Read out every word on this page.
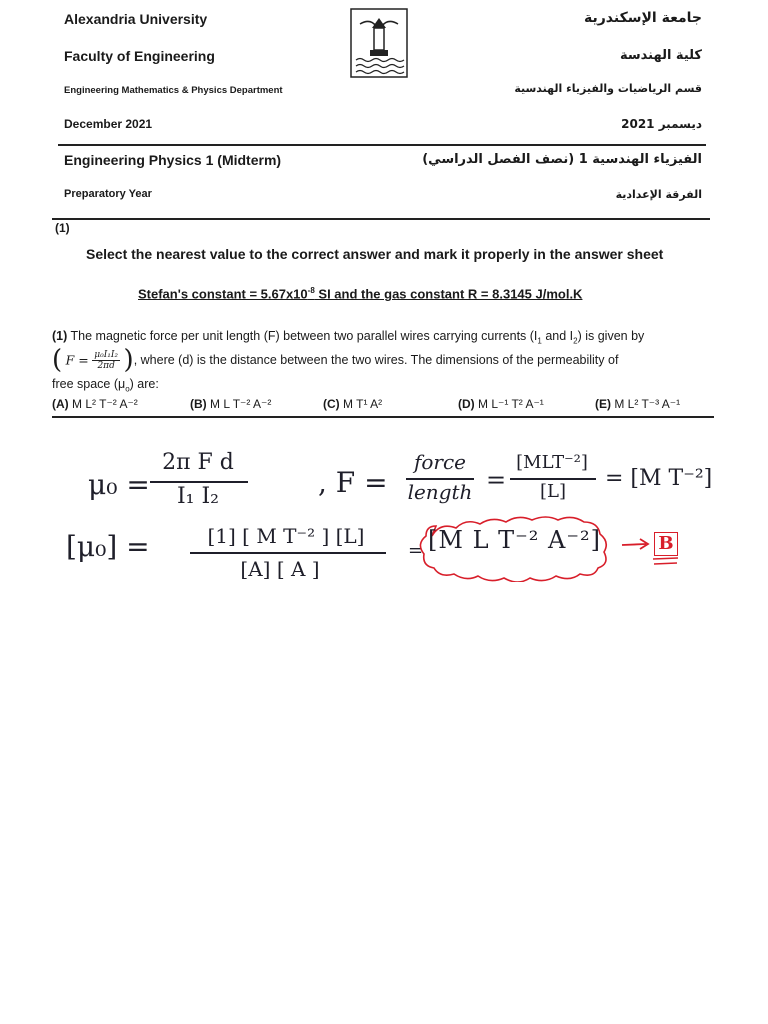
Alexandria University
Faculty of Engineering
Engineering Mathematics & Physics Department
December 2021
جامعة الإسكندرية
كلية الهندسة
قسم الرياضيات والفيزياء الهندسية
ديسمبر 2021
Engineering Physics 1 (Midterm)	الفيزياء الهندسية 1 (نصف الفصل الدراسي)
Preparatory Year	الفرقة الإعدادية
(1)
Select the nearest value to the correct answer and mark it properly in the answer sheet
Stefan's constant = $5.67x10^{-8}$ SI and the gas constant R = 8.3145 J/mol.K
(1) The magnetic force per unit length (F) between two parallel wires carrying currents ($I_1$ and $I_2$) is given by
( $F = \frac{\text{μ₀I₁I₂}}{2\pi d}$ ), where (d) is the distance between the two wires. The dimensions of the permeability of
free space $(\mu_o)$ are:
(A) M L² T⁻² A⁻²	(B) M L T⁻² A⁻²	(C) M T¹ A²	(D) M L⁻¹ T² A⁻¹	(E) M L² T⁻³ A⁻¹
μ₀ =
2π F d
I₁ I₂	, F =
force
length =
[MLT⁻²]
[L]
= [M T⁻²]
[μ₀] =	[1] [ M T⁻² ] [L]
[A] [ A ]
= [M L T⁻² A⁻²]	B
